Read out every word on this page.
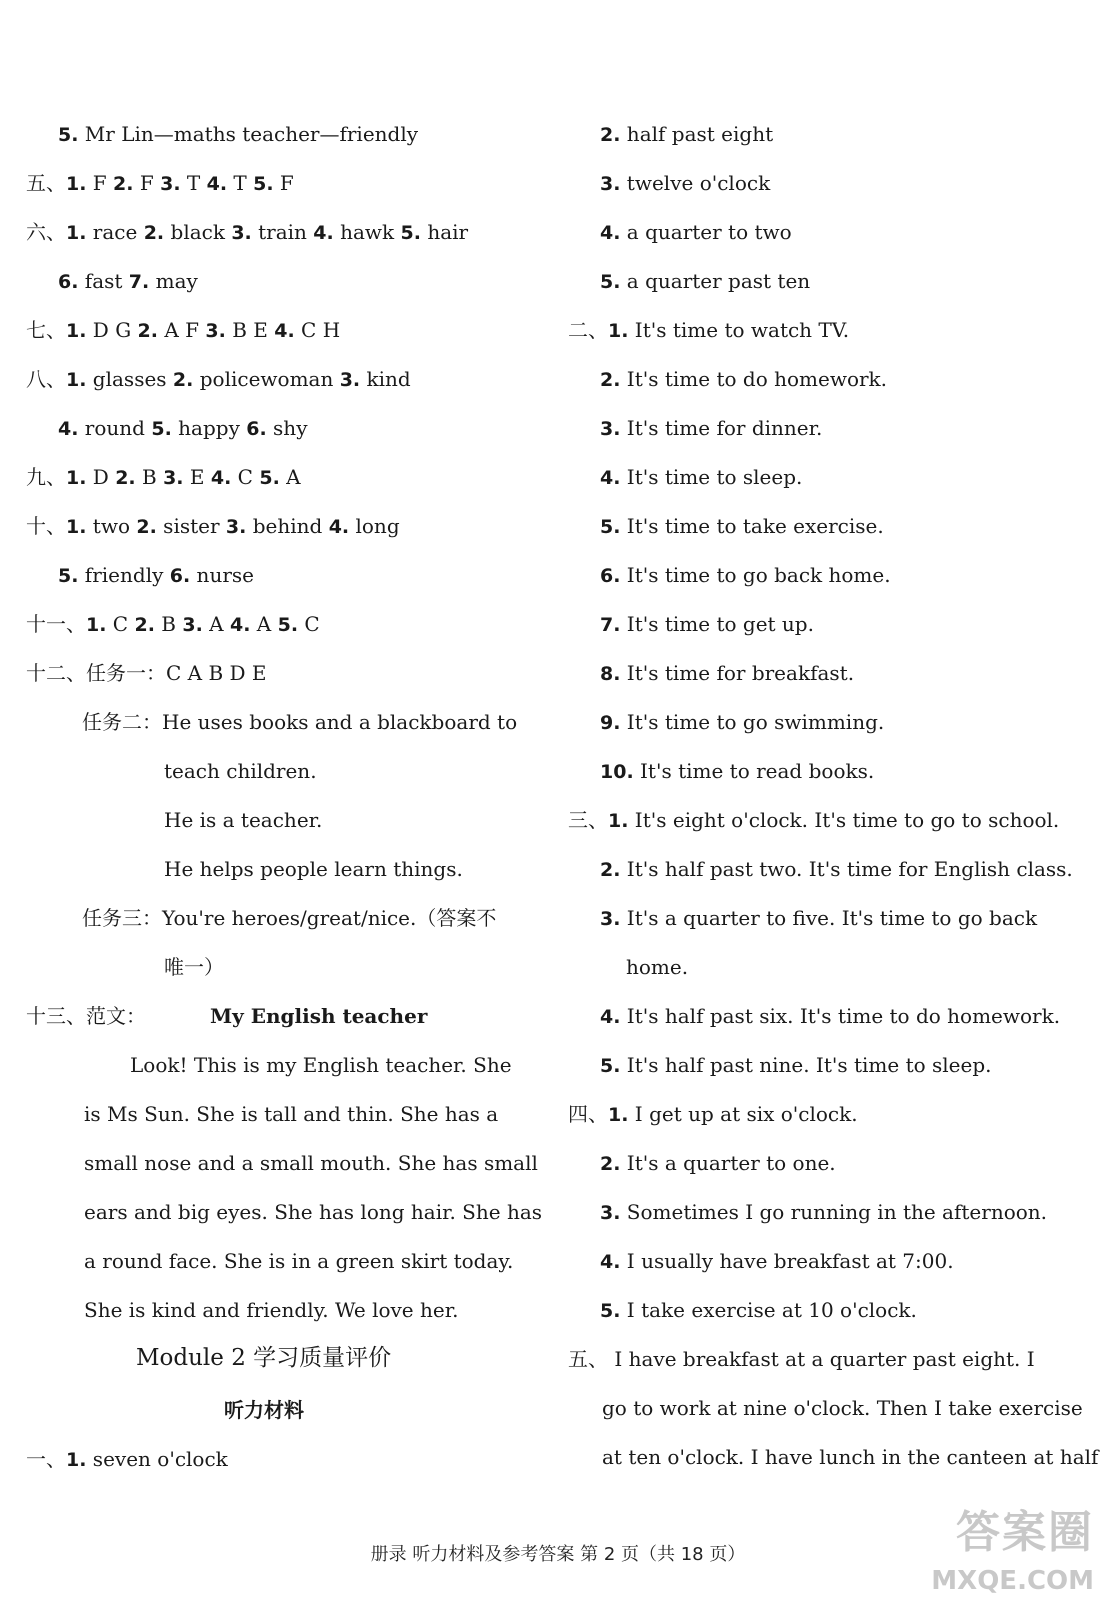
My English teacher
Module 2 学习质量评价
听力材料
5. Mr Lin—maths teacher—friendly
五、1. F 2. F 3. T 4. T 5. F
六、1. race 2. black 3. train 4. hawk 5. hair
6. fast 7. may
七、1. D G 2. A F 3. B E 4. C H
八、1. glasses 2. policewoman 3. kind
4. round 5. happy 6. shy
九、1. D 2. B 3. E 4. C 5. A
十、1. two 2. sister 3. behind 4. long
5. friendly 6. nurse
十一、1. C 2. B 3. A 4. A 5. C
十二、任务一：C A B D E
任务二：He uses books and a blackboard to
teach children.
He is a teacher.
He helps people learn things.
任务三：You're heroes/great/nice.（答案不
唯一）
十三、范文：
Look! This is my English teacher. She
is Ms Sun. She is tall and thin. She has a
small nose and a small mouth. She has small
ears and big eyes. She has long hair. She has
a round face. She is in a green skirt today.
She is kind and friendly. We love her.
一、1. seven o'clock
2. half past eight
3. twelve o'clock
4. a quarter to two
5. a quarter past ten
二、1. It's time to watch TV.
2. It's time to do homework.
3. It's time for dinner.
4. It's time to sleep.
5. It's time to take exercise.
6. It's time to go back home.
7. It's time to get up.
8. It's time for breakfast.
9. It's time to go swimming.
10. It's time to read books.
三、1. It's eight o'clock. It's time to go to school.
2. It's half past two. It's time for English class.
3. It's a quarter to five. It's time to go back
home.
4. It's half past six. It's time to do homework.
5. It's half past nine. It's time to sleep.
四、1. I get up at six o'clock.
2. It's a quarter to one.
3. Sometimes I go running in the afternoon.
4. I usually have breakfast at 7:00.
5. I take exercise at 10 o'clock.
五、 I have breakfast at a quarter past eight. I
go to work at nine o'clock. Then I take exercise
at ten o'clock. I have lunch in the canteen at half
册录 听力材料及参考答案 第 2 页（共 18 页）	答案圈
MXQE.COM
